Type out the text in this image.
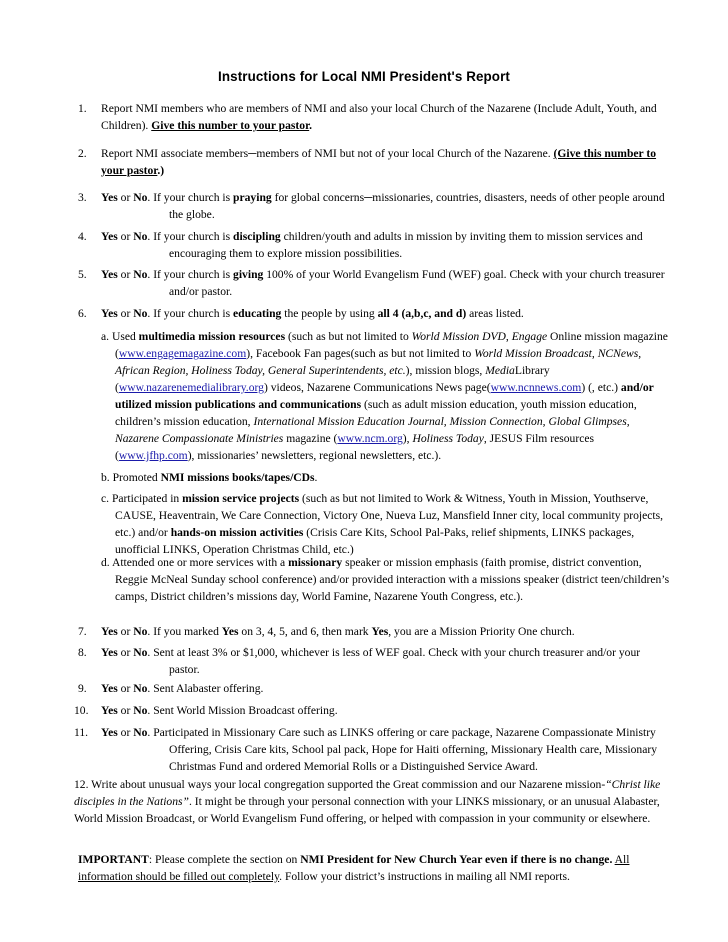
Instructions for Local NMI President's Report
1. Report NMI members who are members of NMI and also your local Church of the Nazarene (Include Adult, Youth, and Children). Give this number to your pastor.
2. Report NMI associate members─members of NMI but not of your local Church of the Nazarene. (Give this number to your pastor.)
3. Yes or No. If your church is praying for global concerns─missionaries, countries, disasters, needs of other people around the globe.
4. Yes or No. If your church is discipling children/youth and adults in mission by inviting them to mission services and encouraging them to explore mission possibilities.
5. Yes or No. If your church is giving 100% of your World Evangelism Fund (WEF) goal. Check with your church treasurer and/or pastor.
6. Yes or No. If your church is educating the people by using all 4 (a,b,c, and d) areas listed.
a. Used multimedia mission resources (such as but not limited to World Mission DVD, Engage Online mission magazine (www.engagemagazine.com), Facebook Fan pages(such as but not limited to World Mission Broadcast, NCNews, African Region, Holiness Today, General Superintendents, etc.), mission blogs, MediaLibrary (www.nazarenemedialibrary.org) videos, Nazarene Communications News page(www.ncnnews.com) (, etc.) and/or utilized mission publications and communications (such as adult mission education, youth mission education, children’s mission education, International Mission Education Journal, Mission Connection, Global Glimpses, Nazarene Compassionate Ministries magazine (www.ncm.org), Holiness Today, JESUS Film resources (www.jfhp.com), missionaries’ newsletters, regional newsletters, etc.).
b. Promoted NMI missions books/tapes/CDs.
c. Participated in mission service projects (such as but not limited to Work & Witness, Youth in Mission, Youthserve, CAUSE, Heaventrain, We Care Connection, Victory One, Nueva Luz, Mansfield Inner city, local community projects, etc.) and/or hands-on mission activities (Crisis Care Kits, School Pal-Paks, relief shipments, LINKS packages, unofficial LINKS, Operation Christmas Child, etc.)
d. Attended one or more services with a missionary speaker or mission emphasis (faith promise, district convention, Reggie McNeal Sunday school conference) and/or provided interaction with a missions speaker (district teen/children’s camps, District children’s missions day, World Famine, Nazarene Youth Congress, etc.).
7. Yes or No. If you marked Yes on 3, 4, 5, and 6, then mark Yes, you are a Mission Priority One church.
8. Yes or No. Sent at least 3% or $1,000, whichever is less of WEF goal. Check with your church treasurer and/or your pastor.
9. Yes or No. Sent Alabaster offering.
10. Yes or No. Sent World Mission Broadcast offering.
11. Yes or No. Participated in Missionary Care such as LINKS offering or care package, Nazarene Compassionate Ministry Offering, Crisis Care kits, School pal pack, Hope for Haiti offerning, Missionary Health care, Missionary Christmas Fund and ordered Memorial Rolls or a Distinguished Service Award.
12. Write about unusual ways your local congregation supported the Great commission and our Nazarene mission-“Christ like disciples in the Nations”. It might be through your personal connection with your LINKS missionary, or an unusual Alabaster, World Mission Broadcast, or World Evangelism Fund offering, or helped with compassion in your community or elsewhere.
IMPORTANT: Please complete the section on NMI President for New Church Year even if there is no change. All information should be filled out completely. Follow your district’s instructions in mailing all NMI reports.
